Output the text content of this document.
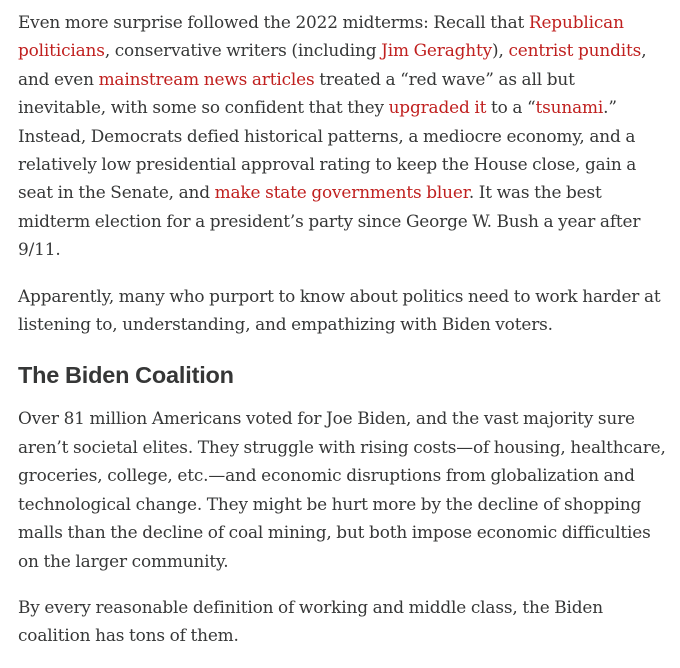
Even more surprise followed the 2022 midterms: Recall that Republican politicians, conservative writers (including Jim Geraghty), centrist pundits, and even mainstream news articles treated a “red wave” as all but inevitable, with some so confident that they upgraded it to a “tsunami.” Instead, Democrats defied historical patterns, a mediocre economy, and a relatively low presidential approval rating to keep the House close, gain a seat in the Senate, and make state governments bluer. It was the best midterm election for a president’s party since George W. Bush a year after 9/11.

Apparently, many who purport to know about politics need to work harder at listening to, understanding, and empathizing with Biden voters.

The Biden Coalition

Over 81 million Americans voted for Joe Biden, and the vast majority sure aren’t societal elites. They struggle with rising costs—of housing, healthcare, groceries, college, etc.—and economic disruptions from globalization and technological change. They might be hurt more by the decline of shopping malls than the decline of coal mining, but both impose economic difficulties on the larger community.

By every reasonable definition of working and middle class, the Biden coalition has tons of them.
